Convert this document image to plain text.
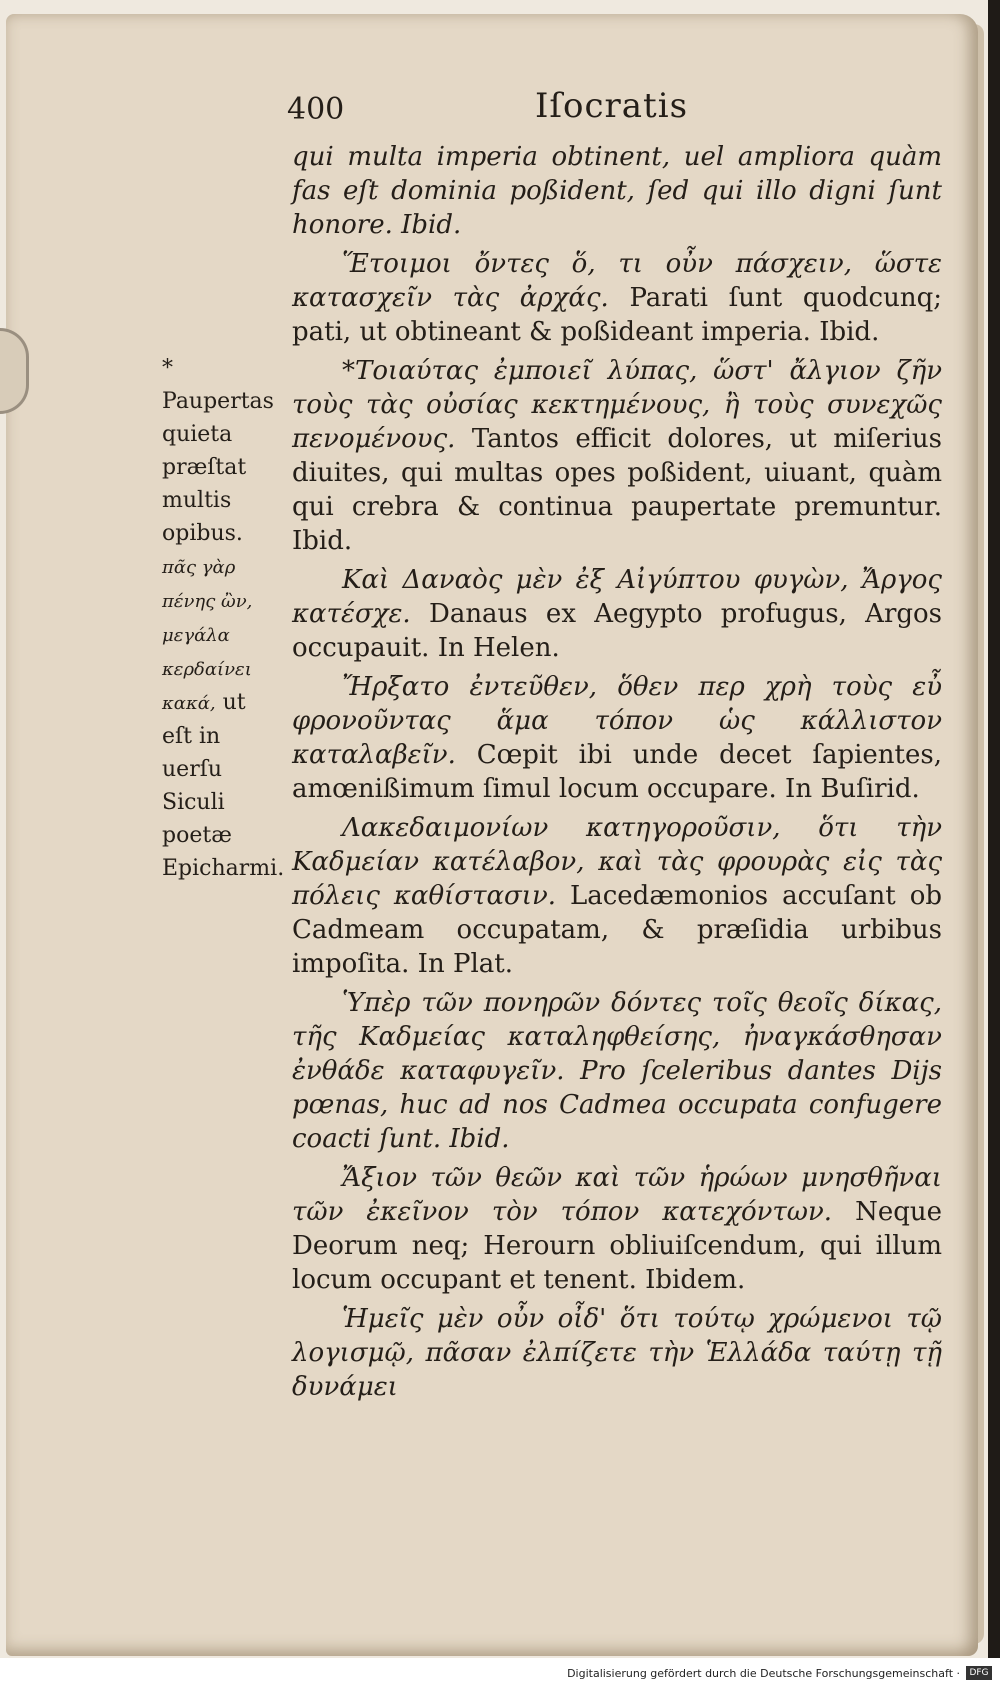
400	Iſocratis

qui multa imperia obtinent, uel ampliora quàm fas eſt dominia poßident, ſed qui illo digni ſunt honore. Ibid.

Ἕτοιμοι ὄντες ὅ, τι οὖν πάσχειν, ὥστε κατασχεῖν τὰς ἀρχάς. Parati ſunt quodcunq; pati, ut obtineant & poßideant imperia. Ibid.

*Τοιαύτας ἐμποιεῖ λύπας, ὥστ' ἄλγιον ζῆν τοὺς τὰς οὐσίας κεκτημένους, ἢ τοὺς συνεχῶς πενομένους. Tantos efficit dolores, ut miſerius diuites, qui multas opes poßident, uiuant, quàm qui crebra & continua paupertate premuntur. Ibid.

Καὶ Δαναὸς μὲν ἐξ Αἰγύπτου φυγὼν, Ἄργος κατέσχε. Danaus ex Aegypto profugus, Argos occupauit. In Helen.

Ἤρξατο ἐντεῦθεν, ὅθεν περ χρὴ τοὺς εὖ φρονοῦντας ἅμα τόπον ὡς κάλλιστον καταλαβεῖν. Cœpit ibi unde decet ſapientes, amœnißimum ſimul locum occupare. In Buſirid.

Λακεδαιμονίων κατηγοροῦσιν, ὅτι τὴν Καδμείαν κατέλαβον, καὶ τὰς φρουρὰς εἰς τὰς πόλεις καθίστασιν. Lacedæmonios accuſant ob Cadmeam occupatam, & præſidia urbibus impoſita. In Plat.

Ὑπὲρ τῶν πονηρῶν δόντες τοῖς θεοῖς δίκας, τῆς Καδμείας καταληφθείσης, ἠναγκάσθησαν ἐνθάδε καταφυγεῖν. Pro ſceleribus dantes Dijs pœnas, huc ad nos Cadmea occupata confugere coacti ſunt. Ibid.

Ἄξιον τῶν θεῶν καὶ τῶν ἡρώων μνησθῆναι τῶν ἐκεῖνον τὸν τόπον κατεχόντων. Neque Deorum neq; Herourn obliuiſcendum, qui illum locum occupant et tenent. Ibidem.

Ἡμεῖς μὲν οὖν οἶδ' ὅτι τούτῳ χρώμενοι τῷ λογισμῷ, πᾶσαν ἐλπίζετε τὴν Ἑλλάδα ταύτῃ τῇ δυνάμει

* Paupertas quieta præſtat multis opibus. πᾶς γὰρ πένης ὢν, μεγάλα κερδαίνει κακά, ut eſt in uerſu Siculi poetæ Epicharmi.
Digitalisierung gefördert durch die Deutsche Forschungsgemeinschaft ·	DFG
